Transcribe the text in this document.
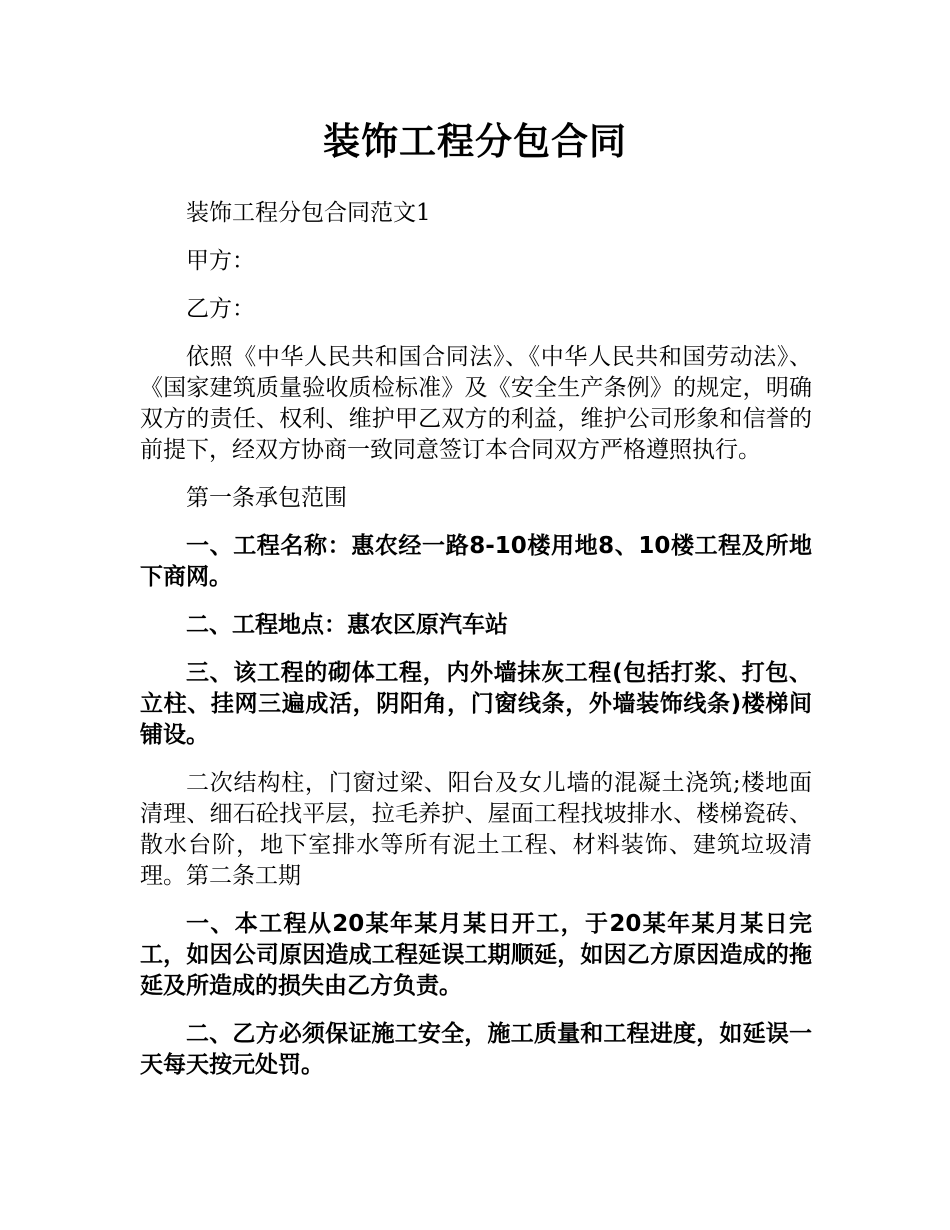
装饰工程分包合同

装饰工程分包合同范文1

甲方：

乙方：

依照《中华人民共和国合同法》、《中华人民共和国劳动法》、《国家建筑质量验收质检标准》及《安全生产条例》的规定，明确双方的责任、权利、维护甲乙双方的利益，维护公司形象和信誉的前提下，经双方协商一致同意签订本合同双方严格遵照执行。

第一条承包范围

一、工程名称：惠农经一路8-10楼用地8、10楼工程及所地下商网。

二、工程地点：惠农区原汽车站

三、该工程的砌体工程，内外墙抹灰工程(包括打浆、打包、立柱、挂网三遍成活，阴阳角，门窗线条，外墙装饰线条)楼梯间铺设。

二次结构柱，门窗过梁、阳台及女儿墙的混凝土浇筑;楼地面清理、细石砼找平层，拉毛养护、屋面工程找坡排水、楼梯瓷砖、散水台阶，地下室排水等所有泥土工程、材料装饰、建筑垃圾清理。第二条工期

一、本工程从20某年某月某日开工，于20某年某月某日完工，如因公司原因造成工程延误工期顺延，如因乙方原因造成的拖延及所造成的损失由乙方负责。

二、乙方必须保证施工安全，施工质量和工程进度，如延误一天每天按元处罚。
